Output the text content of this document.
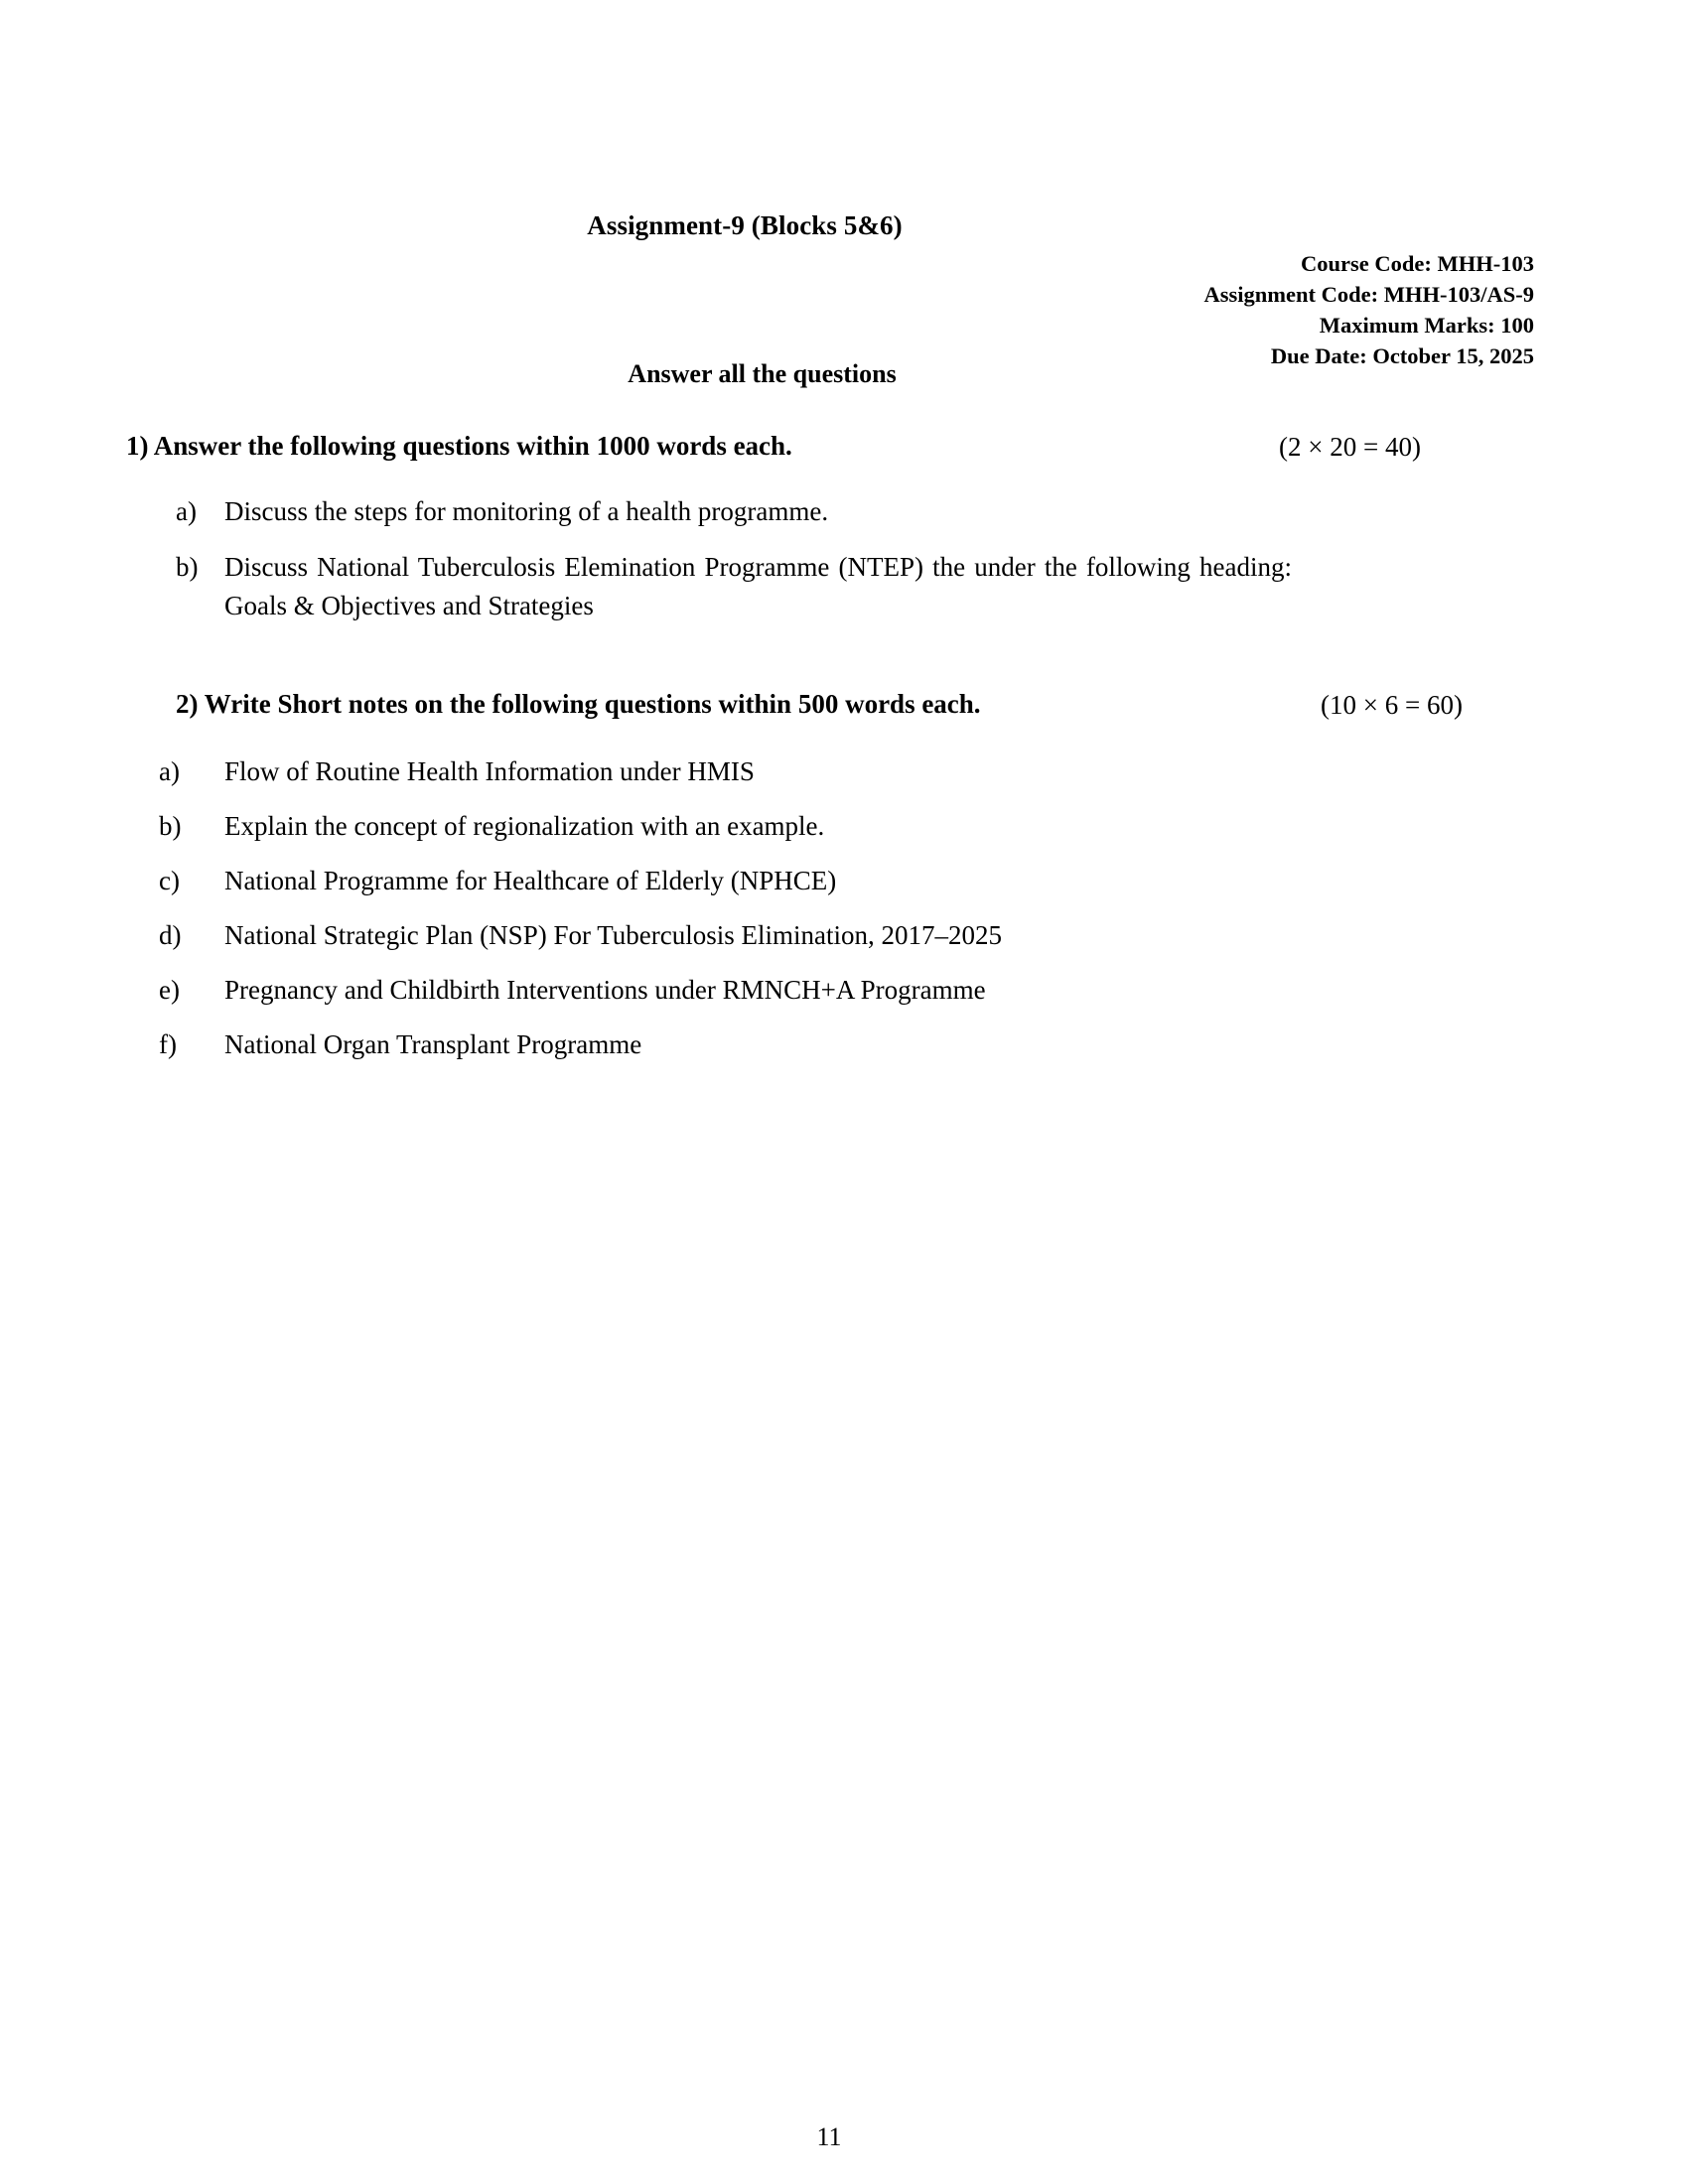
Assignment-9 (Blocks 5&6)
Course Code: MHH-103
Assignment Code: MHH-103/AS-9
Maximum Marks: 100
Due Date: October 15, 2025
Answer all the questions
1) Answer the following questions within 1000 words each.	(2 × 20 = 40)
a) Discuss the steps for monitoring of a health programme.
b) Discuss National Tuberculosis Elemination Programme (NTEP) the under the following heading: Goals & Objectives and Strategies
2) Write Short notes on the following questions within 500 words each.	(10 × 6 = 60)
a) Flow of Routine Health Information under HMIS
b) Explain the concept of regionalization with an example.
c) National Programme for Healthcare of Elderly (NPHCE)
d) National Strategic Plan (NSP) For Tuberculosis Elimination, 2017–2025
e) Pregnancy and Childbirth Interventions under RMNCH+A Programme
f) National Organ Transplant Programme
11
